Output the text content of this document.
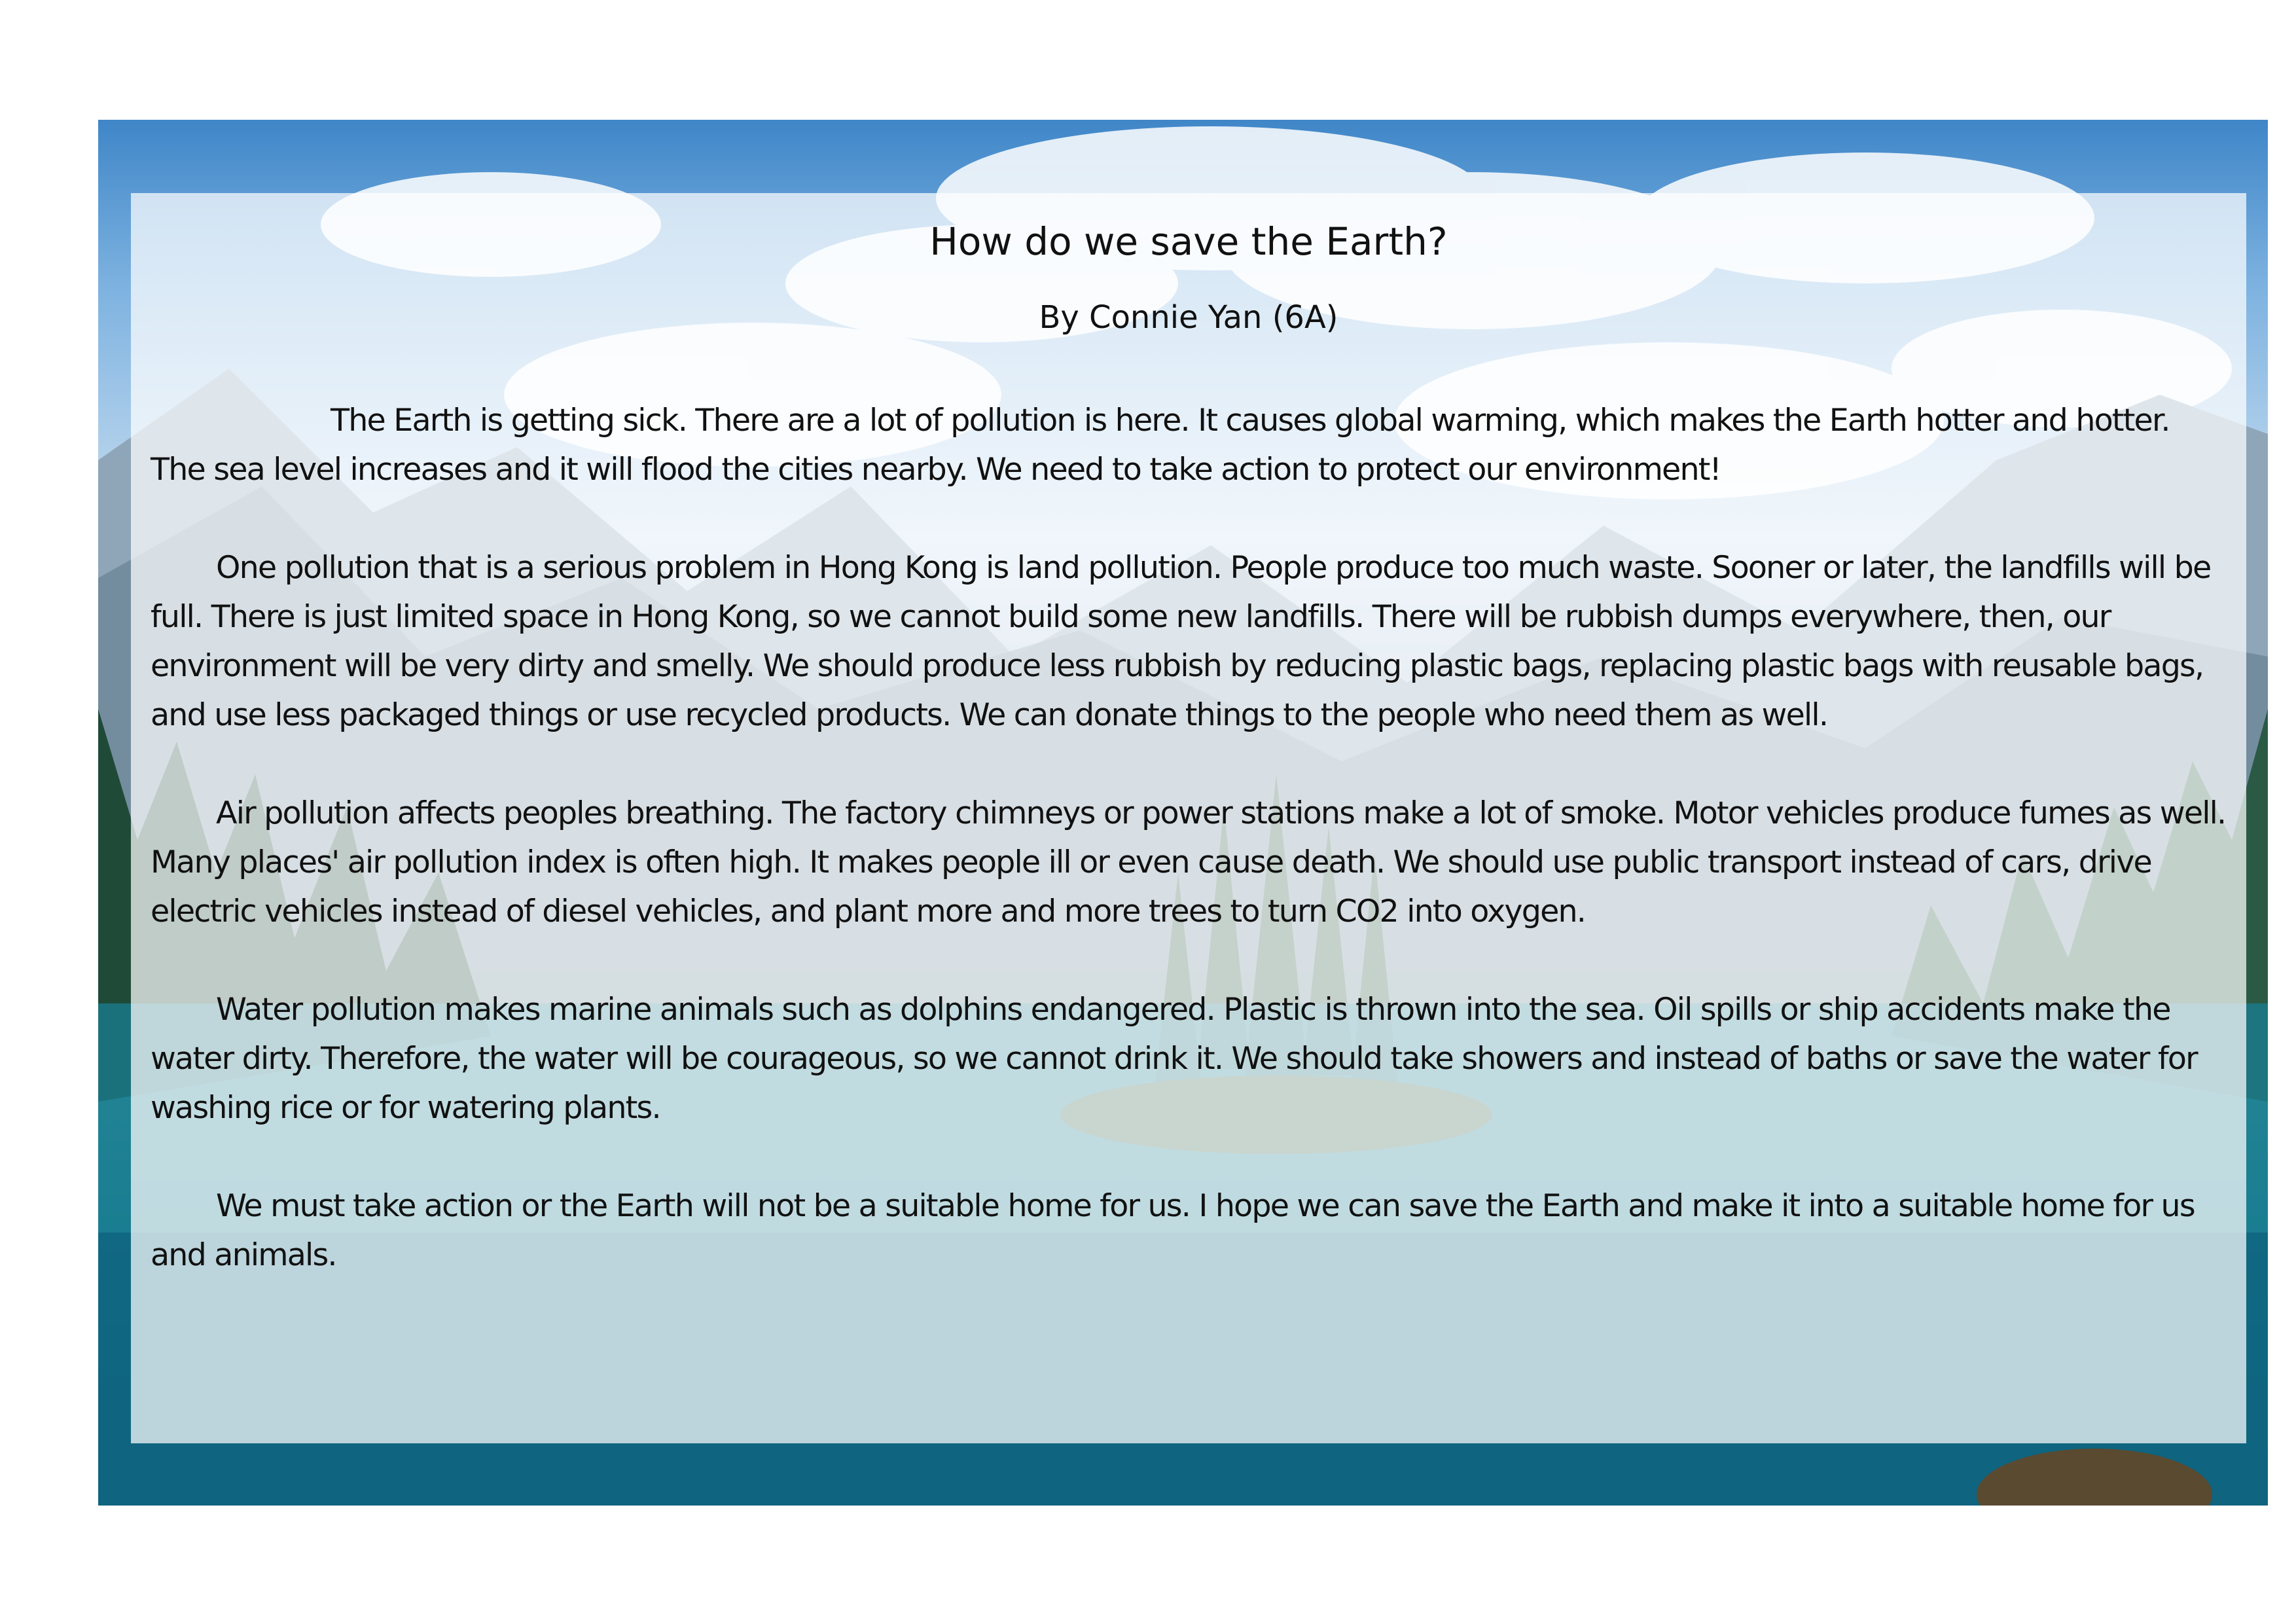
How do we save the Earth?
By Connie Yan (6A)

The Earth is getting sick. There are a lot of pollution is here. It causes global warming, which makes the Earth hotter and hotter. The sea level increases and it will flood the cities nearby. We need to take action to protect our environment!

One pollution that is a serious problem in Hong Kong is land pollution. People produce too much waste. Sooner or later, the landfills will be full. There is just limited space in Hong Kong, so we cannot build some new landfills. There will be rubbish dumps everywhere, then, our environment will be very dirty and smelly. We should produce less rubbish by reducing plastic bags, replacing plastic bags with reusable bags, and use less packaged things or use recycled products. We can donate things to the people who need them as well.

Air pollution affects peoples breathing. The factory chimneys or power stations make a lot of smoke. Motor vehicles produce fumes as well. Many places' air pollution index is often high. It makes people ill or even cause death. We should use public transport instead of cars, drive electric vehicles instead of diesel vehicles, and plant more and more trees to turn CO2 into oxygen.

Water pollution makes marine animals such as dolphins endangered. Plastic is thrown into the sea. Oil spills or ship accidents make the water dirty. Therefore, the water will be courageous, so we cannot drink it. We should take showers and instead of baths or save the water for washing rice or for watering plants.

We must take action or the Earth will not be a suitable home for us. I hope we can save the Earth and make it into a suitable home for us and animals.
